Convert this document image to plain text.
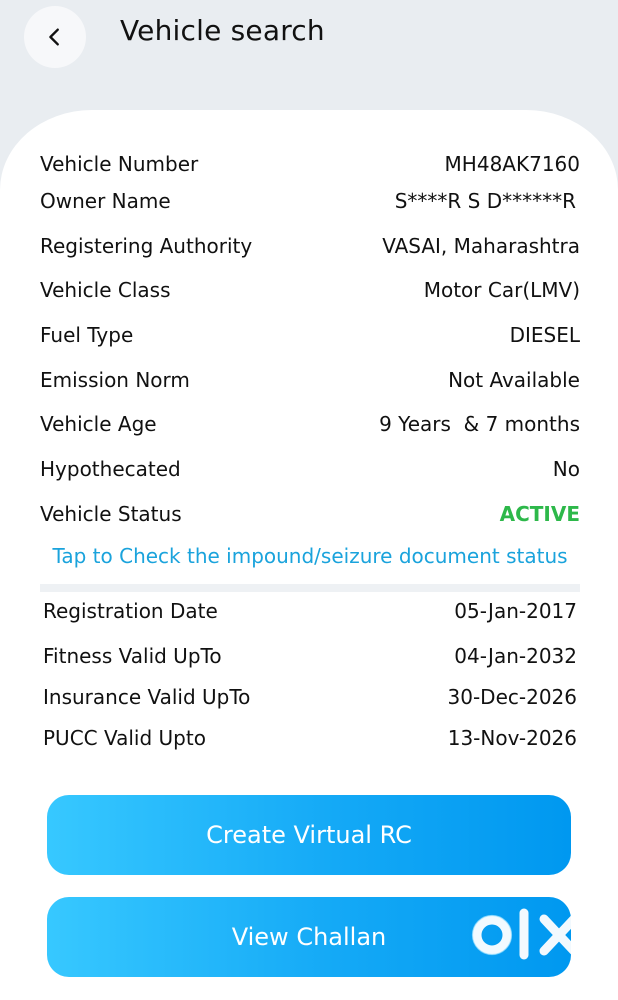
Vehicle search
Vehicle Number	MH48AK7160
Owner Name	S****R S D******R
Registering Authority	VASAI, Maharashtra
Vehicle Class	Motor Car(LMV)
Fuel Type	DIESEL
Emission Norm	Not Available
Vehicle Age	9 Years  & 7 months
Hypothecated	No
Vehicle Status	ACTIVE
Tap to Check the impound/seizure document status
Registration Date	05-Jan-2017
Fitness Valid UpTo	04-Jan-2032
Insurance Valid UpTo	30-Dec-2026
PUCC Valid Upto	13-Nov-2026
Create Virtual RC
View Challan
